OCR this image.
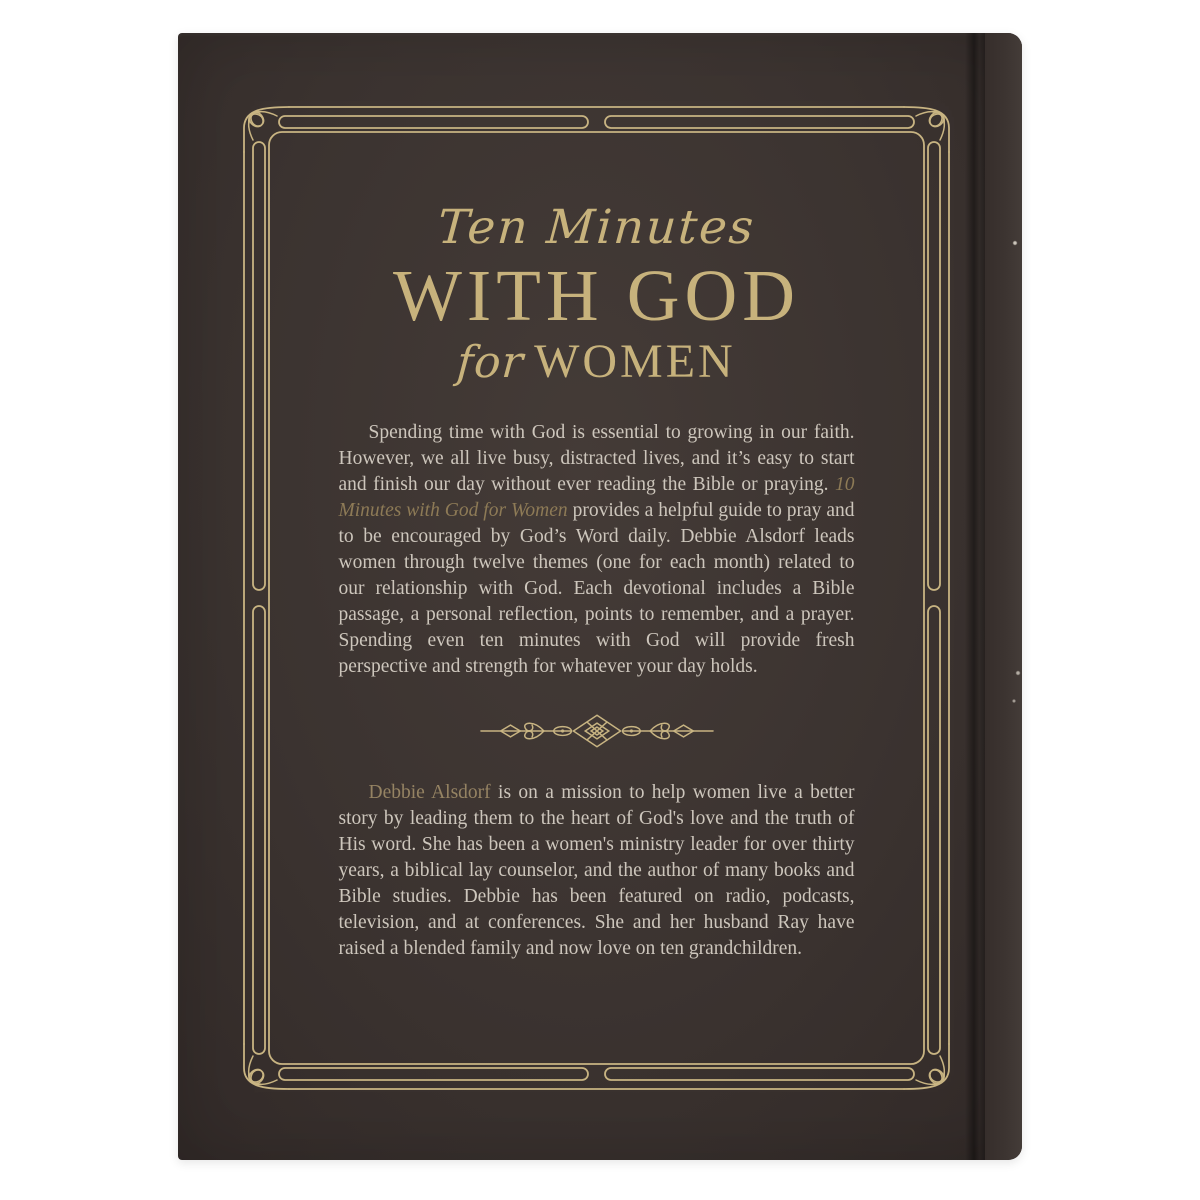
Ten Minutes
WITH GOD
for WOMEN

Spending time with God is essential to growing in our faith. However, we all live busy, distracted lives, and it’s easy to start and finish our day without ever reading the Bible or praying. 10 Minutes with God for Women provides a helpful guide to pray and to be encouraged by God’s Word daily. Debbie Alsdorf leads women through twelve themes (one for each month) related to our relationship with God. Each devotional includes a Bible passage, a personal reflection, points to remember, and a prayer. Spending even ten minutes with God will provide fresh perspective and strength for whatever your day holds.

Debbie Alsdorf is on a mission to help women live a better story by leading them to the heart of God's love and the truth of His word. She has been a women's ministry leader for over thirty years, a biblical lay counselor, and the author of many books and Bible studies. Debbie has been featured on radio, podcasts, television, and at conferences. She and her husband Ray have raised a blended family and now love on ten grandchildren.
